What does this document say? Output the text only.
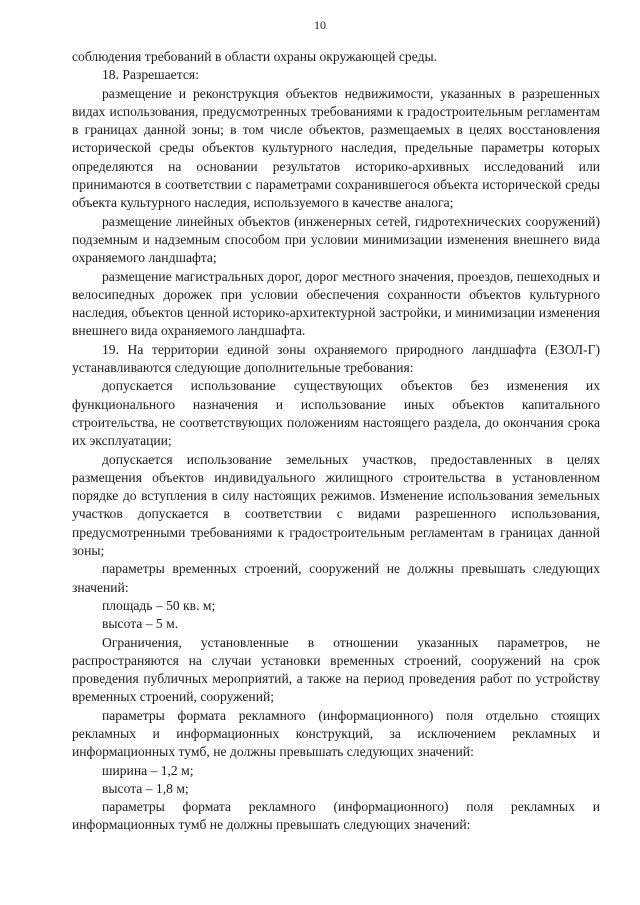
10

соблюдения требований в области охраны окружающей среды.

18. Разрешается:

размещение и реконструкция объектов недвижимости, указанных в разрешенных видах использования, предусмотренных требованиями к градостроительным регламентам в границах данной зоны; в том числе объектов, размещаемых в целях восстановления исторической среды объектов культурного наследия, предельные параметры которых определяются на основании результатов историко-архивных исследований или принимаются в соответствии с параметрами сохранившегося объекта исторической среды объекта культурного наследия, используемого в качестве аналога;

размещение линейных объектов (инженерных сетей, гидротехнических сооружений) подземным и надземным способом при условии минимизации изменения внешнего вида охраняемого ландшафта;

размещение магистральных дорог, дорог местного значения, проездов, пешеходных и велосипедных дорожек при условии обеспечения сохранности объектов культурного наследия, объектов ценной историко-архитектурной застройки, и минимизации изменения внешнего вида охраняемого ландшафта.

19. На территории единой зоны охраняемого природного ландшафта (ЕЗОЛ-Г) устанавливаются следующие дополнительные требования:

допускается использование существующих объектов без изменения их функционального назначения и использование иных объектов капитального строительства, не соответствующих положениям настоящего раздела, до окончания срока их эксплуатации;

допускается использование земельных участков, предоставленных в целях размещения объектов индивидуального жилищного строительства в установленном порядке до вступления в силу настоящих режимов. Изменение использования земельных участков допускается в соответствии с видами разрешенного использования, предусмотренными требованиями к градостроительным регламентам в границах данной зоны;

параметры временных строений, сооружений не должны превышать следующих значений:

площадь – 50 кв. м;

высота – 5 м.

Ограничения, установленные в отношении указанных параметров, не распространяются на случаи установки временных строений, сооружений на срок проведения публичных мероприятий, а также на период проведения работ по устройству временных строений, сооружений;

параметры формата рекламного (информационного) поля отдельно стоящих рекламных и информационных конструкций, за исключением рекламных и информационных тумб, не должны превышать следующих значений:

ширина – 1,2 м;

высота – 1,8 м;

параметры формата рекламного (информационного) поля рекламных и информационных тумб не должны превышать следующих значений:
